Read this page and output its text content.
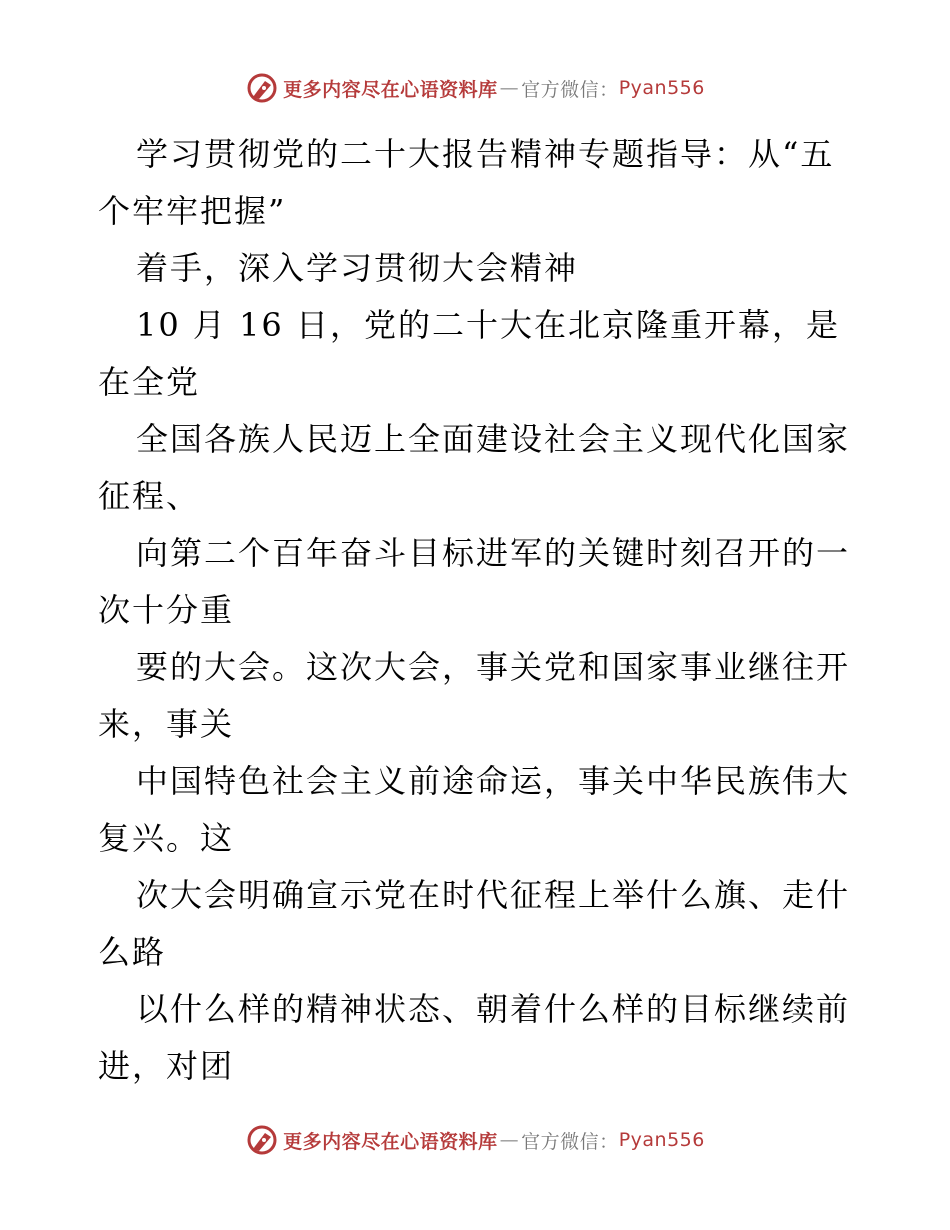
更多内容尽在心语资料库 — 官方微信： Pyan556

学习贯彻党的二十大报告精神专题指导：从“五个牢牢把握”

着手，深入学习贯彻大会精神

10 月 16 日，党的二十大在北京隆重开幕，是在全党

全国各族人民迈上全面建设社会主义现代化国家征程、

向第二个百年奋斗目标进军的关键时刻召开的一次十分重

要的大会。这次大会，事关党和国家事业继往开来，事关

中国特色社会主义前途命运，事关中华民族伟大复兴。这

次大会明确宣示党在时代征程上举什么旗、走什么路

以什么样的精神状态、朝着什么样的目标继续前进，对团

更多内容尽在心语资料库 — 官方微信： Pyan556
